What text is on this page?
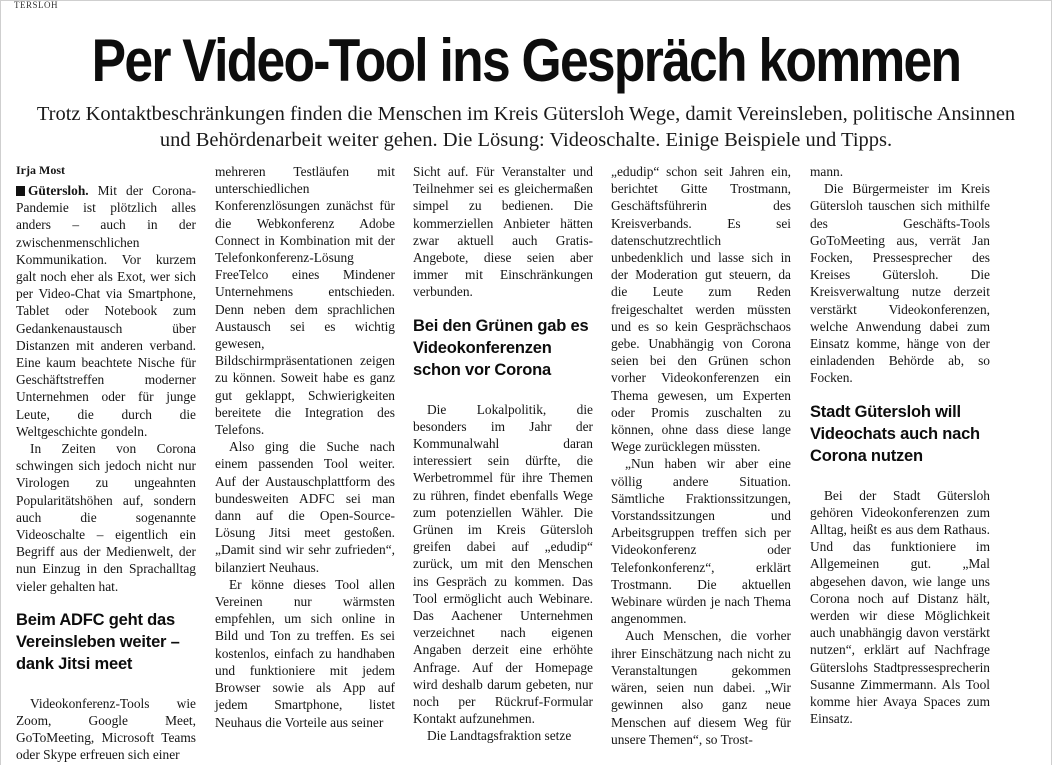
TERSLOH
Per Video-Tool ins Gespräch kommen
Trotz Kontaktbeschränkungen finden die Menschen im Kreis Gütersloh Wege, damit Vereinsleben, politische Ansinnen und Behördenarbeit weiter gehen. Die Lösung: Videoschalte. Einige Beispiele und Tipps.

Irja Most

Gütersloh. Mit der Corona-Pandemie ist plötzlich alles anders – auch in der zwischenmenschlichen Kommunikation. Vor kurzem galt noch eher als Exot, wer sich per Video-Chat via Smartphone, Tablet oder Notebook zum Gedankenaustausch über Distanzen mit anderen verband. Eine kaum beachtete Nische für Geschäftstreffen moderner Unternehmen oder für junge Leute, die durch die Weltgeschichte gondeln.

In Zeiten von Corona schwingen sich jedoch nicht nur Virologen zu ungeahnten Popularitätshöhen auf, sondern auch die sogenannte Videoschalte – eigentlich ein Begriff aus der Medienwelt, der nun Einzug in den Sprachalltag vieler gehalten hat.

Beim ADFC geht das Vereinsleben weiter – dank Jitsi meet

Videokonferenz-Tools wie Zoom, Google Meet, GoToMeeting, Microsoft Teams oder Skype erfreuen sich einer

mehreren Testläufen mit unterschiedlichen Konferenzlösungen zunächst für die Webkonferenz Adobe Connect in Kombination mit der Telefonkonferenz-Lösung FreeTelco eines Mindener Unternehmens entschieden. Denn neben dem sprachlichen Austausch sei es wichtig gewesen, Bildschirmpräsentationen zeigen zu können. Soweit habe es ganz gut geklappt, Schwierigkeiten bereitete die Integration des Telefons.

Also ging die Suche nach einem passenden Tool weiter. Auf der Austauschplattform des bundesweiten ADFC sei man dann auf die Open-Source-Lösung Jitsi meet gestoßen. „Damit sind wir sehr zufrieden“, bilanziert Neuhaus.

Er könne dieses Tool allen Vereinen nur wärmsten empfehlen, um sich online in Bild und Ton zu treffen. Es sei kostenlos, einfach zu handhaben und funktioniere mit jedem Browser sowie als App auf jedem Smartphone, listet Neuhaus die Vorteile aus seiner

Sicht auf. Für Veranstalter und Teilnehmer sei es gleichermaßen simpel zu bedienen. Die kommerziellen Anbieter hätten zwar aktuell auch Gratis-Angebote, diese seien aber immer mit Einschränkungen verbunden.

Bei den Grünen gab es Videokonferenzen schon vor Corona

Die Lokalpolitik, die besonders im Jahr der Kommunalwahl daran interessiert sein dürfte, die Werbetrommel für ihre Themen zu rühren, findet ebenfalls Wege zum potenziellen Wähler. Die Grünen im Kreis Gütersloh greifen dabei auf „edudip“ zurück, um mit den Menschen ins Gespräch zu kommen. Das Tool ermöglicht auch Webinare. Das Aachener Unternehmen verzeichnet nach eigenen Angaben derzeit eine erhöhte Anfrage. Auf der Homepage wird deshalb darum gebeten, nur noch per Rückruf-Formular Kontakt aufzunehmen.

Die Landtagsfraktion setze

„edudip“ schon seit Jahren ein, berichtet Gitte Trostmann, Geschäftsführerin des Kreisverbands. Es sei datenschutzrechtlich unbedenklich und lasse sich in der Moderation gut steuern, da die Leute zum Reden freigeschaltet werden müssten und es so kein Gesprächschaos gebe. Unabhängig von Corona seien bei den Grünen schon vorher Videokonferenzen ein Thema gewesen, um Experten oder Promis zuschalten zu können, ohne dass diese lange Wege zurücklegen müssten.

„Nun haben wir aber eine völlig andere Situation. Sämtliche Fraktionssitzungen, Vorstandssitzungen und Arbeitsgruppen treffen sich per Videokonferenz oder Telefonkonferenz“, erklärt Trostmann. Die aktuellen Webinare würden je nach Thema angenommen.

Auch Menschen, die vorher ihrer Einschätzung nach nicht zu Veranstaltungen gekommen wären, seien nun dabei. „Wir gewinnen also ganz neue Menschen auf diesem Weg für unsere Themen“, so Trost-

mann.

Die Bürgermeister im Kreis Gütersloh tauschen sich mithilfe des Geschäfts-Tools GoToMeeting aus, verrät Jan Focken, Pressesprecher des Kreises Gütersloh. Die Kreisverwaltung nutze derzeit verstärkt Videokonferenzen, welche Anwendung dabei zum Einsatz komme, hänge von der einladenden Behörde ab, so Focken.

Stadt Gütersloh will Videochats auch nach Corona nutzen

Bei der Stadt Gütersloh gehören Videokonferenzen zum Alltag, heißt es aus dem Rathaus. Und das funktioniere im Allgemeinen gut. „Mal abgesehen davon, wie lange uns Corona noch auf Distanz hält, werden wir diese Möglichkeit auch unabhängig davon verstärkt nutzen“, erklärt auf Nachfrage Güterslohs Stadtpressesprecherin Susanne Zimmermann. Als Tool komme hier Avaya Spaces zum Einsatz.
